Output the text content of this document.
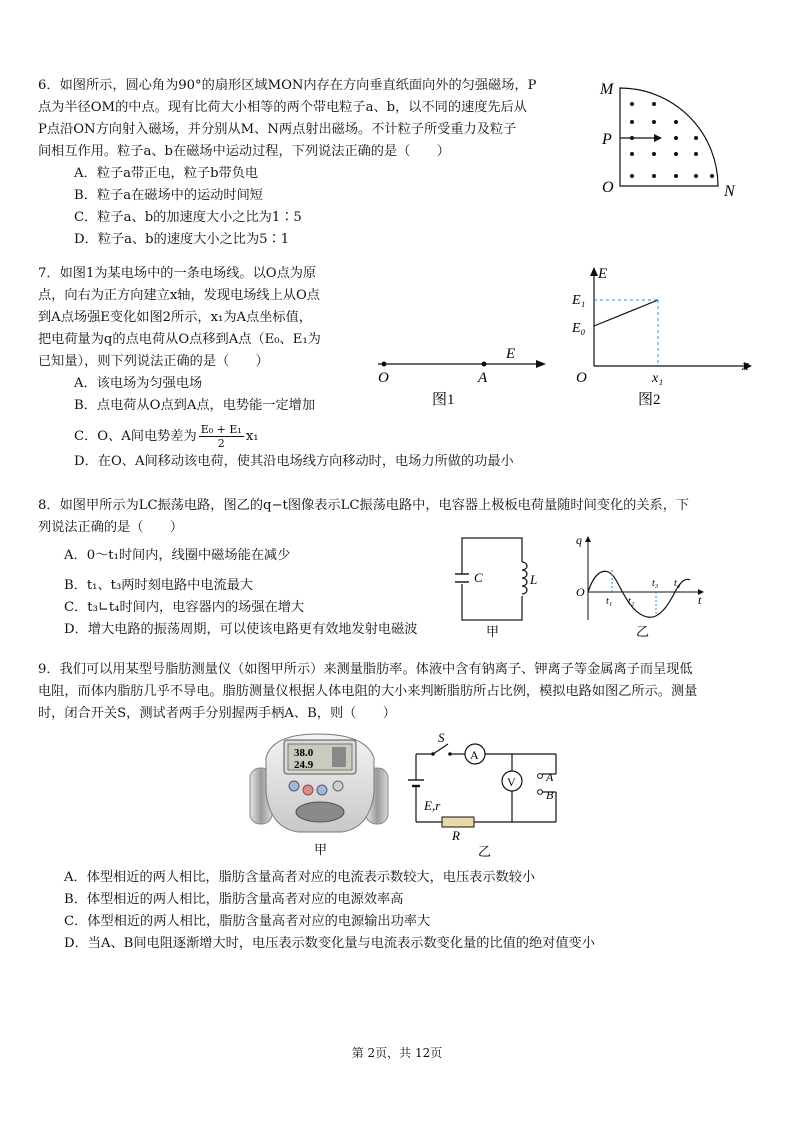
6．如图所示，圆心角为90°的扇形区域MON内存在方向垂直纸面向外的匀强磁场，P
点为半径OM的中点。现有比荷大小相等的两个带电粒子a、b，以不同的速度先后从
P点沿ON方向射入磁场，并分别从M、N两点射出磁场。不计粒子所受重力及粒子
间相互作用。粒子a、b在磁场中运动过程，下列说法正确的是（　　）
A．粒子a带正电，粒子b带负电
B．粒子a在磁场中的运动时间短
C．粒子a、b的加速度大小之比为1∶5
D．粒子a、b的速度大小之比为5∶1
M
P
O	N
7．如图1为某电场中的一条电场线。以O点为原
点，向右为正方向建立x轴，发现电场线上从O点
到A点场强E变化如图2所示，x₁为A点坐标值，
把电荷量为q的点电荷从O点移到A点（E₀、E₁为
已知量），则下列说法正确的是（　　）
A．该电场为匀强电场
B．点电荷从O点到A点，电势能一定增加
C．O、A间电势差为 $\frac{\text{E₀ + E₁}}{2} x_1$
D．在O、A间移动该电荷，使其沿电场线方向移动时，电场力所做的功最小
O	A
E
图1
E
E₁
E₀
O	x₁
x
图2
8．如图甲所示为LC振荡电路，图乙的q−t图像表示LC振荡电路中，电容器上极板电荷量随时间变化的关系，下
列说法正确的是（　　）
A．0～t₁时间内，线圈中磁场能在减少
B．t₁、t₃两时刻电路中电流最大
C．t₃∟t₄时间内，电容器内的场强在增大
D．增大电路的振荡周期，可以使该电路更有效地发射电磁波
C	L
甲
q
O
t
t₁ t₂
t₃ t₄
乙
9．我们可以用某型号脂肪测量仪（如图甲所示）来测量脂肪率。体液中含有钠离子、钾离子等金属离子而呈现低
电阻，而体内脂肪几乎不导电。脂肪测量仪根据人体电阻的大小来判断脂肪所占比例，模拟电路如图乙所示。测量
时，闭合开关S，测试者两手分别握两手柄A、B，则（　　）
38.0
24.9
甲
A
V
S
A
B
E,r
R
乙
A．体型相近的两人相比，脂肪含量高者对应的电流表示数较大，电压表示数较小
B．体型相近的两人相比，脂肪含量高者对应的电源效率高
C．体型相近的两人相比，脂肪含量高者对应的电源输出功率大
D．当A、B间电阻逐渐增大时，电压表示数变化量与电流表示数变化量的比值的绝对值变小
第 2页，共 12页
